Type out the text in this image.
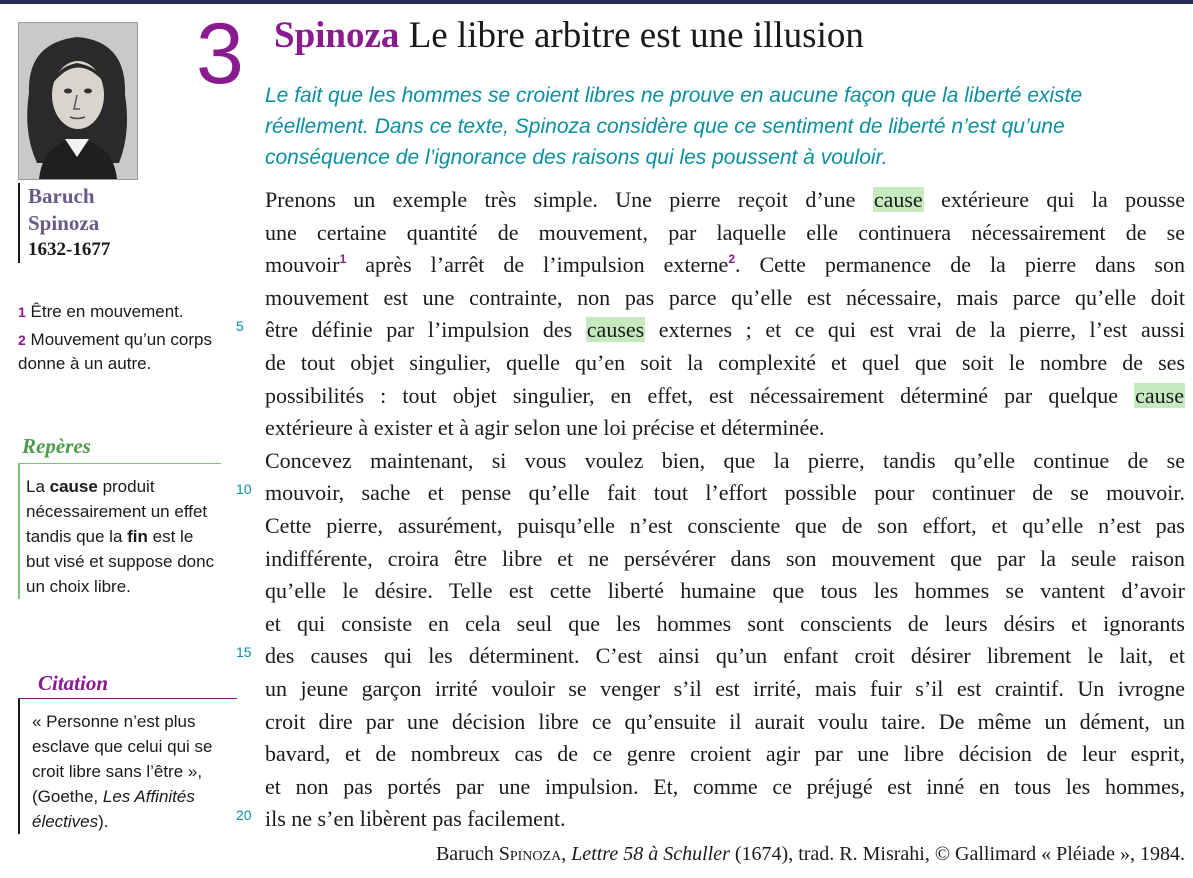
Baruch
Spinoza
1632-1677
1 Être en mouvement.
2 Mouvement qu’un corps donne à un autre.
Repères
La cause produit nécessairement un effet tandis que la fin est le but visé et suppose donc un choix libre.
Citation
« Personne n’est plus esclave que celui qui se croit libre sans l’être »,
(Goethe, Les Affinités électives).
3 Spinoza Le libre arbitre est une illusion
Le fait que les hommes se croient libres ne prouve en aucune façon que la liberté existe réellement. Dans ce texte, Spinoza considère que ce sentiment de liberté n’est qu’une conséquence de l’ignorance des raisons qui les poussent à vouloir.
5
10
15
20
Prenons un exemple très simple. Une pierre reçoit d’une cause extérieure qui la pousse
une certaine quantité de mouvement, par laquelle elle continuera nécessairement de se
mouvoir$^1$ après l’arrêt de l’impulsion externe$^2$. Cette permanence de la pierre dans son
mouvement est une contrainte, non pas parce qu’elle est nécessaire, mais parce qu’elle doit
être définie par l’impulsion des causes externes ; et ce qui est vrai de la pierre, l’est aussi
de tout objet singulier, quelle qu’en soit la complexité et quel que soit le nombre de ses
possibilités : tout objet singulier, en effet, est nécessairement déterminé par quelque cause
extérieure à exister et à agir selon une loi précise et déterminée.
Concevez maintenant, si vous voulez bien, que la pierre, tandis qu’elle continue de se
mouvoir, sache et pense qu’elle fait tout l’effort possible pour continuer de se mouvoir.
Cette pierre, assurément, puisqu’elle n’est consciente que de son effort, et qu’elle n’est pas
indifférente, croira être libre et ne persévérer dans son mouvement que par la seule raison
qu’elle le désire. Telle est cette liberté humaine que tous les hommes se vantent d’avoir
et qui consiste en cela seul que les hommes sont conscients de leurs désirs et ignorants
des causes qui les déterminent. C’est ainsi qu’un enfant croit désirer librement le lait, et
un jeune garçon irrité vouloir se venger s’il est irrité, mais fuir s’il est craintif. Un ivrogne
croit dire par une décision libre ce qu’ensuite il aurait voulu taire. De même un dément, un
bavard, et de nombreux cas de ce genre croient agir par une libre décision de leur esprit,
et non pas portés par une impulsion. Et, comme ce préjugé est inné en tous les hommes,
ils ne s’en libèrent pas facilement.
Baruch Spinoza, Lettre 58 à Schuller (1674), trad. R. Misrahi, © Gallimard « Pléiade », 1984.
